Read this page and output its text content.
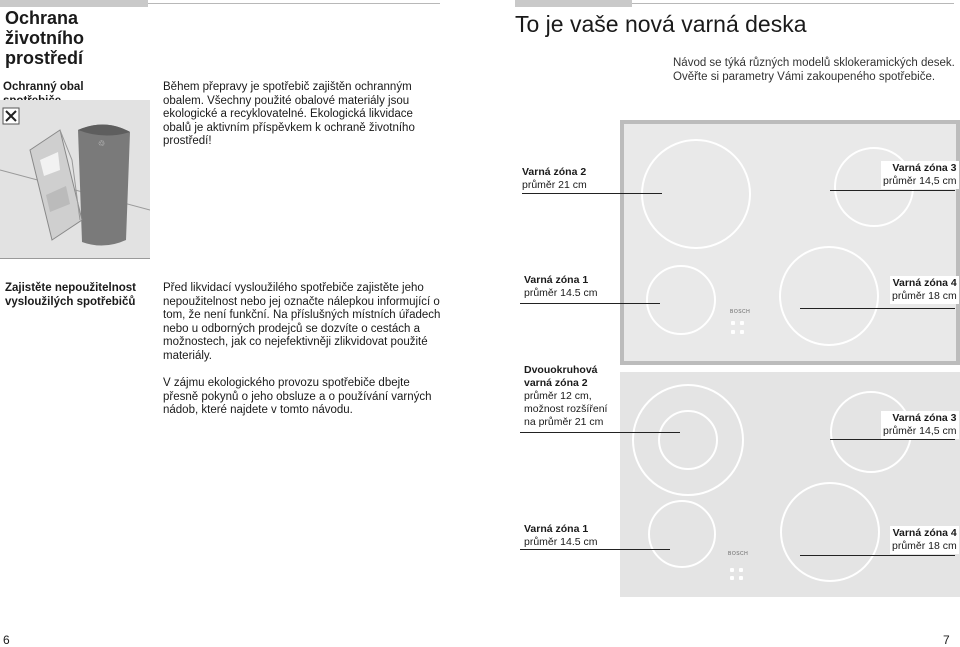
Ochrana
životního
prostředí
Ochranný obal	Během přepravy je spotřebič zajištěn ochranným obalem. Všechny použité obalové materiály jsou ekologické a recyklovatelné. Ekologická likvidace obalů je aktivním příspěvkem k ochraně životního prostředí!
♲
Zajistěte nepoužitelnost vysloužilých spotřebičů
Před likvidací vysloužilého spotřebiče zajistěte jeho nepoužitelnost nebo jej označte nálepkou informující o tom, že není funkční. Na příslušných místních úřadech nebo u odborných prodejců se dozvíte o cestách a možnostech, jak co nejefektivněji zlikvidovat použité materiály.
V zájmu ekologického provozu spotřebiče dbejte přesně pokynů o jeho obsluze a o používání varných nádob, které najdete v tomto návodu.
6
To je vaše nová varná deska
Návod se týká různých modelů sklokeramických desek. Ověřte si parametry Vámi zakoupeného spotřebiče.
BOSCH
Varná zóna 2
průměr 21 cm
Varná zóna 3
průměr 14,5 cm
Varná zóna 1
průměr 14.5 cm
Varná zóna 4
průměr 18 cm
BOSCH
Dvouokruhová
varná zóna 2
průměr 12 cm,
možnost rozšíření
na průměr 21 cm	Varná zóna 3
průměr 14,5 cm
Varná zóna 1
průměr 14.5 cm
Varná zóna 4
průměr 18 cm
7
